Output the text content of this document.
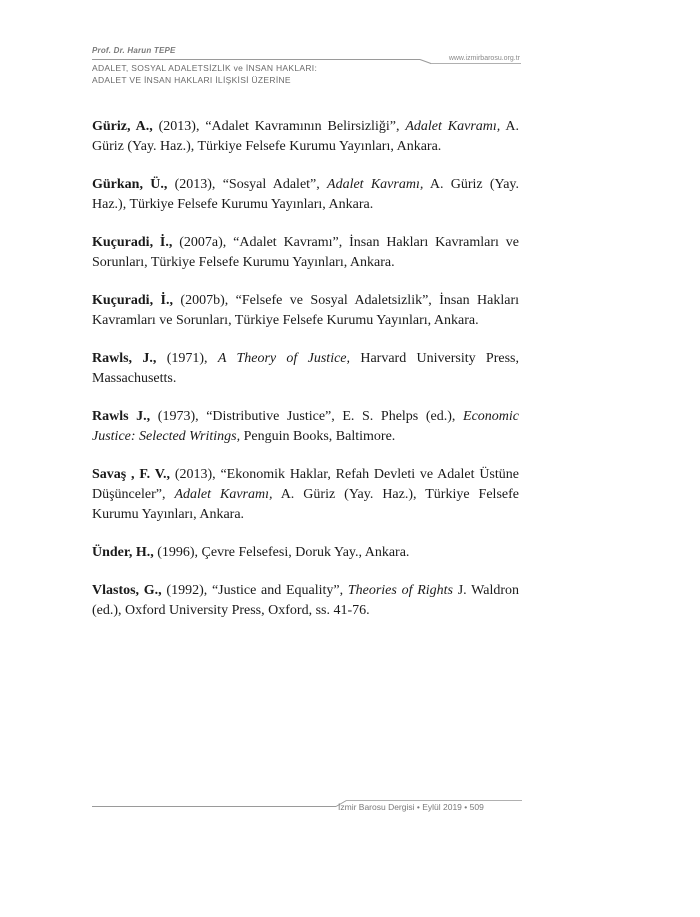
Prof. Dr. Harun TEPE
www.izmirbarosu.org.tr
ADALET, SOSYAL ADALETSİZLİK ve İNSAN HAKLARI:
ADALET VE İNSAN HAKLARI İLİŞKİSİ ÜZERİNE

Güriz, A., (2013), “Adalet Kavramının Belirsizliği”, Adalet Kavramı, A. Güriz (Yay. Haz.), Türkiye Felsefe Kurumu Yayınları, Ankara.

Gürkan, Ü., (2013), “Sosyal Adalet”, Adalet Kavramı, A. Güriz (Yay. Haz.), Türkiye Felsefe Kurumu Yayınları, Ankara.

Kuçuradi, İ., (2007a), “Adalet Kavramı”, İnsan Hakları Kavramları ve Sorunları, Türkiye Felsefe Kurumu Yayınları, Ankara.

Kuçuradi, İ., (2007b), “Felsefe ve Sosyal Adaletsizlik”, İnsan Hakları Kavramları ve Sorunları, Türkiye Felsefe Kurumu Yayınları, Ankara.

Rawls, J., (1971), A Theory of Justice, Harvard University Press, Massachusetts.

Rawls J., (1973), “Distributive Justice”, E. S. Phelps (ed.), Economic Justice: Selected Writings, Penguin Books, Baltimore.

Savaş , F. V., (2013), “Ekonomik Haklar, Refah Devleti ve Adalet Üstüne Düşünceler”, Adalet Kavramı, A. Güriz (Yay. Haz.), Türkiye Felsefe Kurumu Yayınları, Ankara.

Ünder, H., (1996), Çevre Felsefesi, Doruk Yay., Ankara.

Vlastos, G., (1992), “Justice and Equality”, Theories of Rights J. Waldron (ed.), Oxford University Press, Oxford, ss. 41-76.

İzmir Barosu Dergisi • Eylül 2019 • 509
